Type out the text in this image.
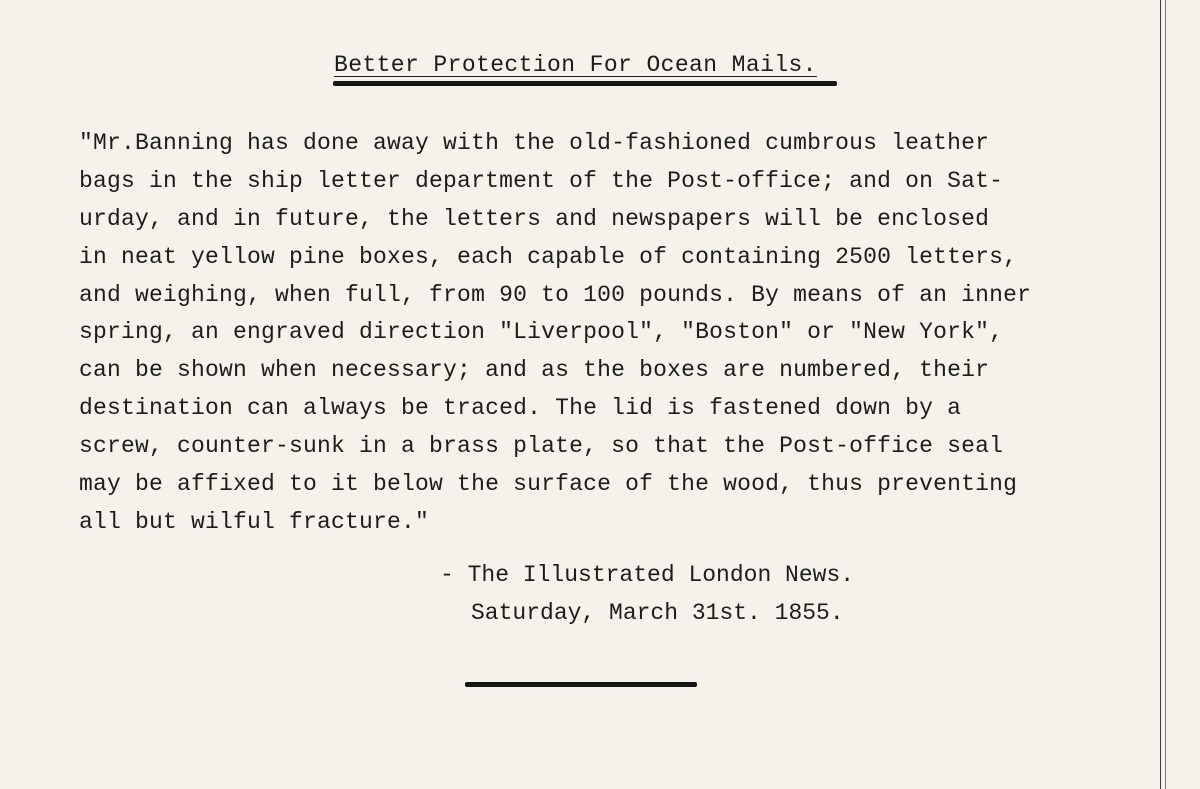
Better Protection For Ocean Mails.
"Mr.Banning has done away with the old-fashioned cumbrous leather
bags in the ship letter department of the Post-office; and on Sat-
urday, and in future, the letters and newspapers will be enclosed
in neat yellow pine boxes, each capable of containing 2500 letters,
and weighing, when full, from 90 to 100 pounds. By means of an inner
spring, an engraved direction "Liverpool", "Boston" or "New York",
can be shown when necessary; and as the boxes are numbered, their
destination can always be traced. The lid is fastened down by a
screw, counter-sunk in a brass plate, so that the Post-office seal
may be affixed to it below the surface of the wood, thus preventing
all but wilful fracture."
- The Illustrated London News.
Saturday, March 31st. 1855.
